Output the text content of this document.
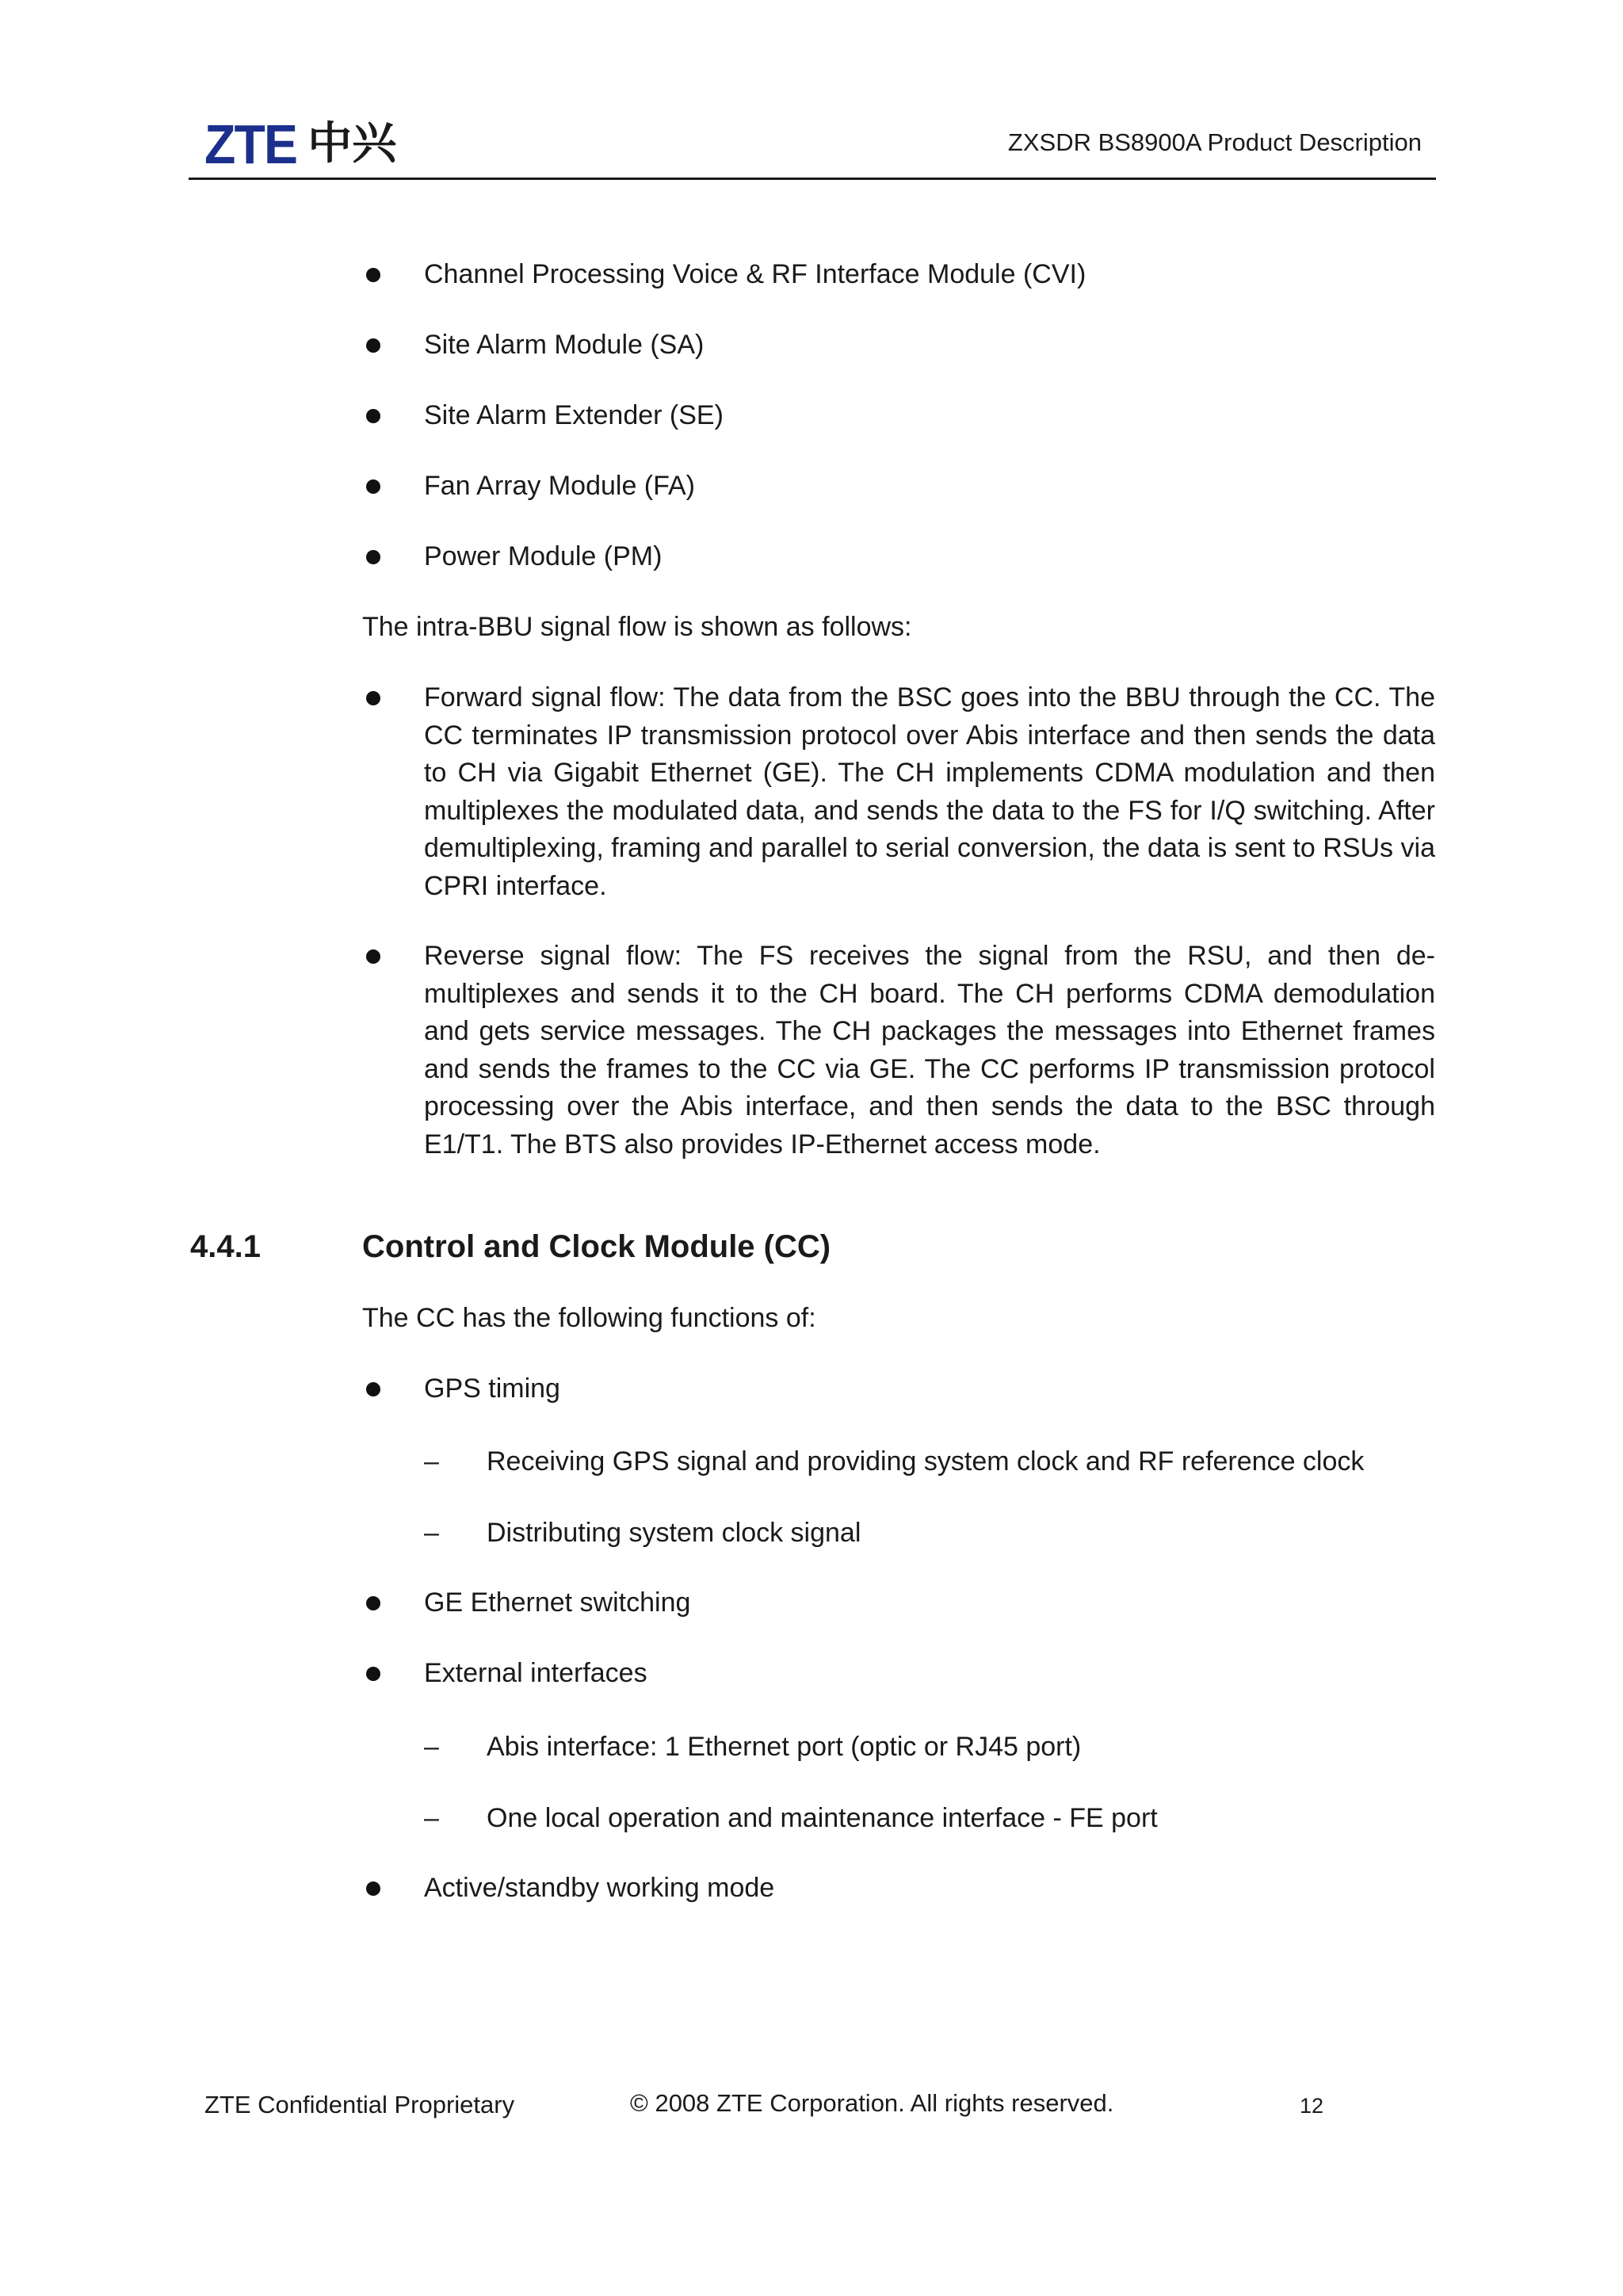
ZTE 中兴	ZXSDR BS8900A Product Description
Channel Processing Voice & RF Interface Module (CVI)
Site Alarm Module (SA)
Site Alarm Extender (SE)
Fan Array Module (FA)
Power Module (PM)
The intra-BBU signal flow is shown as follows:
Forward signal flow: The data from the BSC goes into the BBU through the CC. The CC terminates IP transmission protocol over Abis interface and then sends the data to CH via Gigabit Ethernet (GE). The CH implements CDMA modulation and then multiplexes the modulated data, and sends the data to the FS for I/Q switching. After demultiplexing, framing and parallel to serial conversion, the data is sent to RSUs via CPRI interface.
Reverse signal flow: The FS receives the signal from the RSU, and then de-multiplexes and sends it to the CH board. The CH performs CDMA demodulation and gets service messages. The CH packages the messages into Ethernet frames and sends the frames to the CC via GE. The CC performs IP transmission protocol processing over the Abis interface, and then sends the data to the BSC through E1/T1. The BTS also provides IP-Ethernet access mode.
4.4.1	Control and Clock Module (CC)
The CC has the following functions of:
GPS timing
– Receiving GPS signal and providing system clock and RF reference clock
– Distributing system clock signal
GE Ethernet switching
External interfaces
– Abis interface: 1 Ethernet port (optic or RJ45 port)
– One local operation and maintenance interface - FE port
Active/standby working mode
ZTE Confidential Proprietary	© 2008 ZTE Corporation. All rights reserved.	12
